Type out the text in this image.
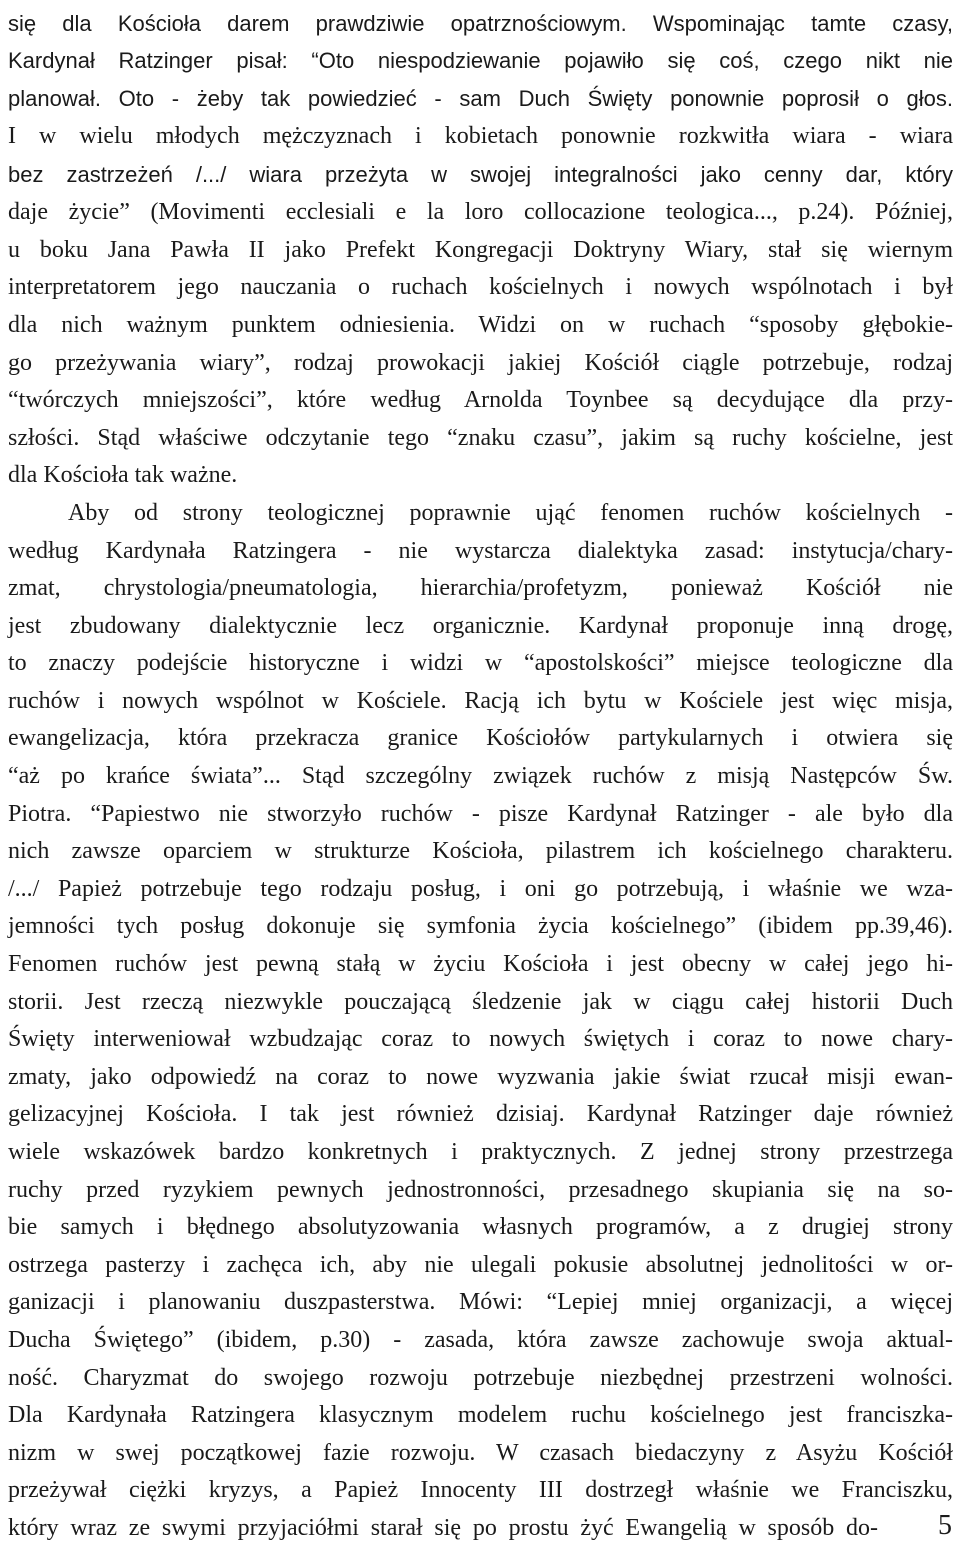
się dla Kościoła darem prawdziwie opatrznościowym. Wspominając tamte czasy,
Kardynał Ratzinger pisał: “Oto niespodziewanie pojawiło się coś, czego nikt nie
planował. Oto - żeby tak powiedzieć - sam Duch Święty ponownie poprosił o głos.
I w wielu młodych mężczyznach i kobietach ponownie rozkwitła wiara - wiara
bez zastrzeżeń /.../ wiara przeżyta w swojej integralności jako cenny dar, który
daje życie” (Movimenti ecclesiali e la loro collocazione teologica..., p.24). Później,
u boku Jana Pawła II jako Prefekt Kongregacji Doktryny Wiary, stał się wiernym
interpretatorem jego nauczania o ruchach kościelnych i nowych wspólnotach i był
dla nich ważnym punktem odniesienia. Widzi on w ruchach “sposoby głębokie-
go przeżywania wiary”, rodzaj prowokacji jakiej Kościół ciągle potrzebuje, rodzaj
“twórczych mniejszości”, które według Arnolda Toynbee są decydujące dla przy-
szłości. Stąd właściwe odczytanie tego “znaku czasu”, jakim są ruchy kościelne, jest
dla Kościoła tak ważne.
Aby od strony teologicznej poprawnie ująć fenomen ruchów kościelnych -
według Kardynała Ratzingera - nie wystarcza dialektyka zasad: instytucja/chary-
zmat, chrystologia/pneumatologia, hierarchia/profetyzm, ponieważ Kościół nie
jest zbudowany dialektycznie lecz organicznie. Kardynał proponuje inną drogę,
to znaczy podejście historyczne i widzi w “apostolskości” miejsce teologiczne dla
ruchów i nowych wspólnot w Kościele. Racją ich bytu w Kościele jest więc misja,
ewangelizacja, która przekracza granice Kościołów partykularnych i otwiera się
“aż po krańce świata”... Stąd szczególny związek ruchów z misją Następców Św.
Piotra. “Papiestwo nie stworzyło ruchów - pisze Kardynał Ratzinger - ale było dla
nich zawsze oparciem w strukturze Kościoła, pilastrem ich kościelnego charakteru.
/.../ Papież potrzebuje tego rodzaju posług, i oni go potrzebują, i właśnie we wza-
jemności tych posług dokonuje się symfonia życia kościelnego” (ibidem pp.39,46).
Fenomen ruchów jest pewną stałą w życiu Kościoła i jest obecny w całej jego hi-
storii. Jest rzeczą niezwykle pouczającą śledzenie jak w ciągu całej historii Duch
Święty interweniował wzbudzając coraz to nowych świętych i coraz to nowe chary-
zmaty, jako odpowiedź na coraz to nowe wyzwania jakie świat rzucał misji ewan-
gelizacyjnej Kościoła. I tak jest również dzisiaj. Kardynał Ratzinger daje również
wiele wskazówek bardzo konkretnych i praktycznych. Z jednej strony przestrzega
ruchy przed ryzykiem pewnych jednostronności, przesadnego skupiania się na so-
bie samych i błędnego absolutyzowania własnych programów, a z drugiej strony
ostrzega pasterzy i zachęca ich, aby nie ulegali pokusie absolutnej jednolitości w or-
ganizacji i planowaniu duszpasterstwa. Mówi: “Lepiej mniej organizacji, a więcej
Ducha Świętego” (ibidem, p.30) - zasada, która zawsze zachowuje swoja aktual-
ność. Charyzmat do swojego rozwoju potrzebuje niezbędnej przestrzeni wolności.
Dla Kardynała Ratzingera klasycznym modelem ruchu kościelnego jest franciszka-
nizm w swej początkowej fazie rozwoju. W czasach biedaczyny z Asyżu Kościół
przeżywał ciężki kryzys, a Papież Innocenty III dostrzegł właśnie we Franciszku,
który wraz ze swymi przyjaciółmi starał się po prostu żyć Ewangelią w sposób do- 5
